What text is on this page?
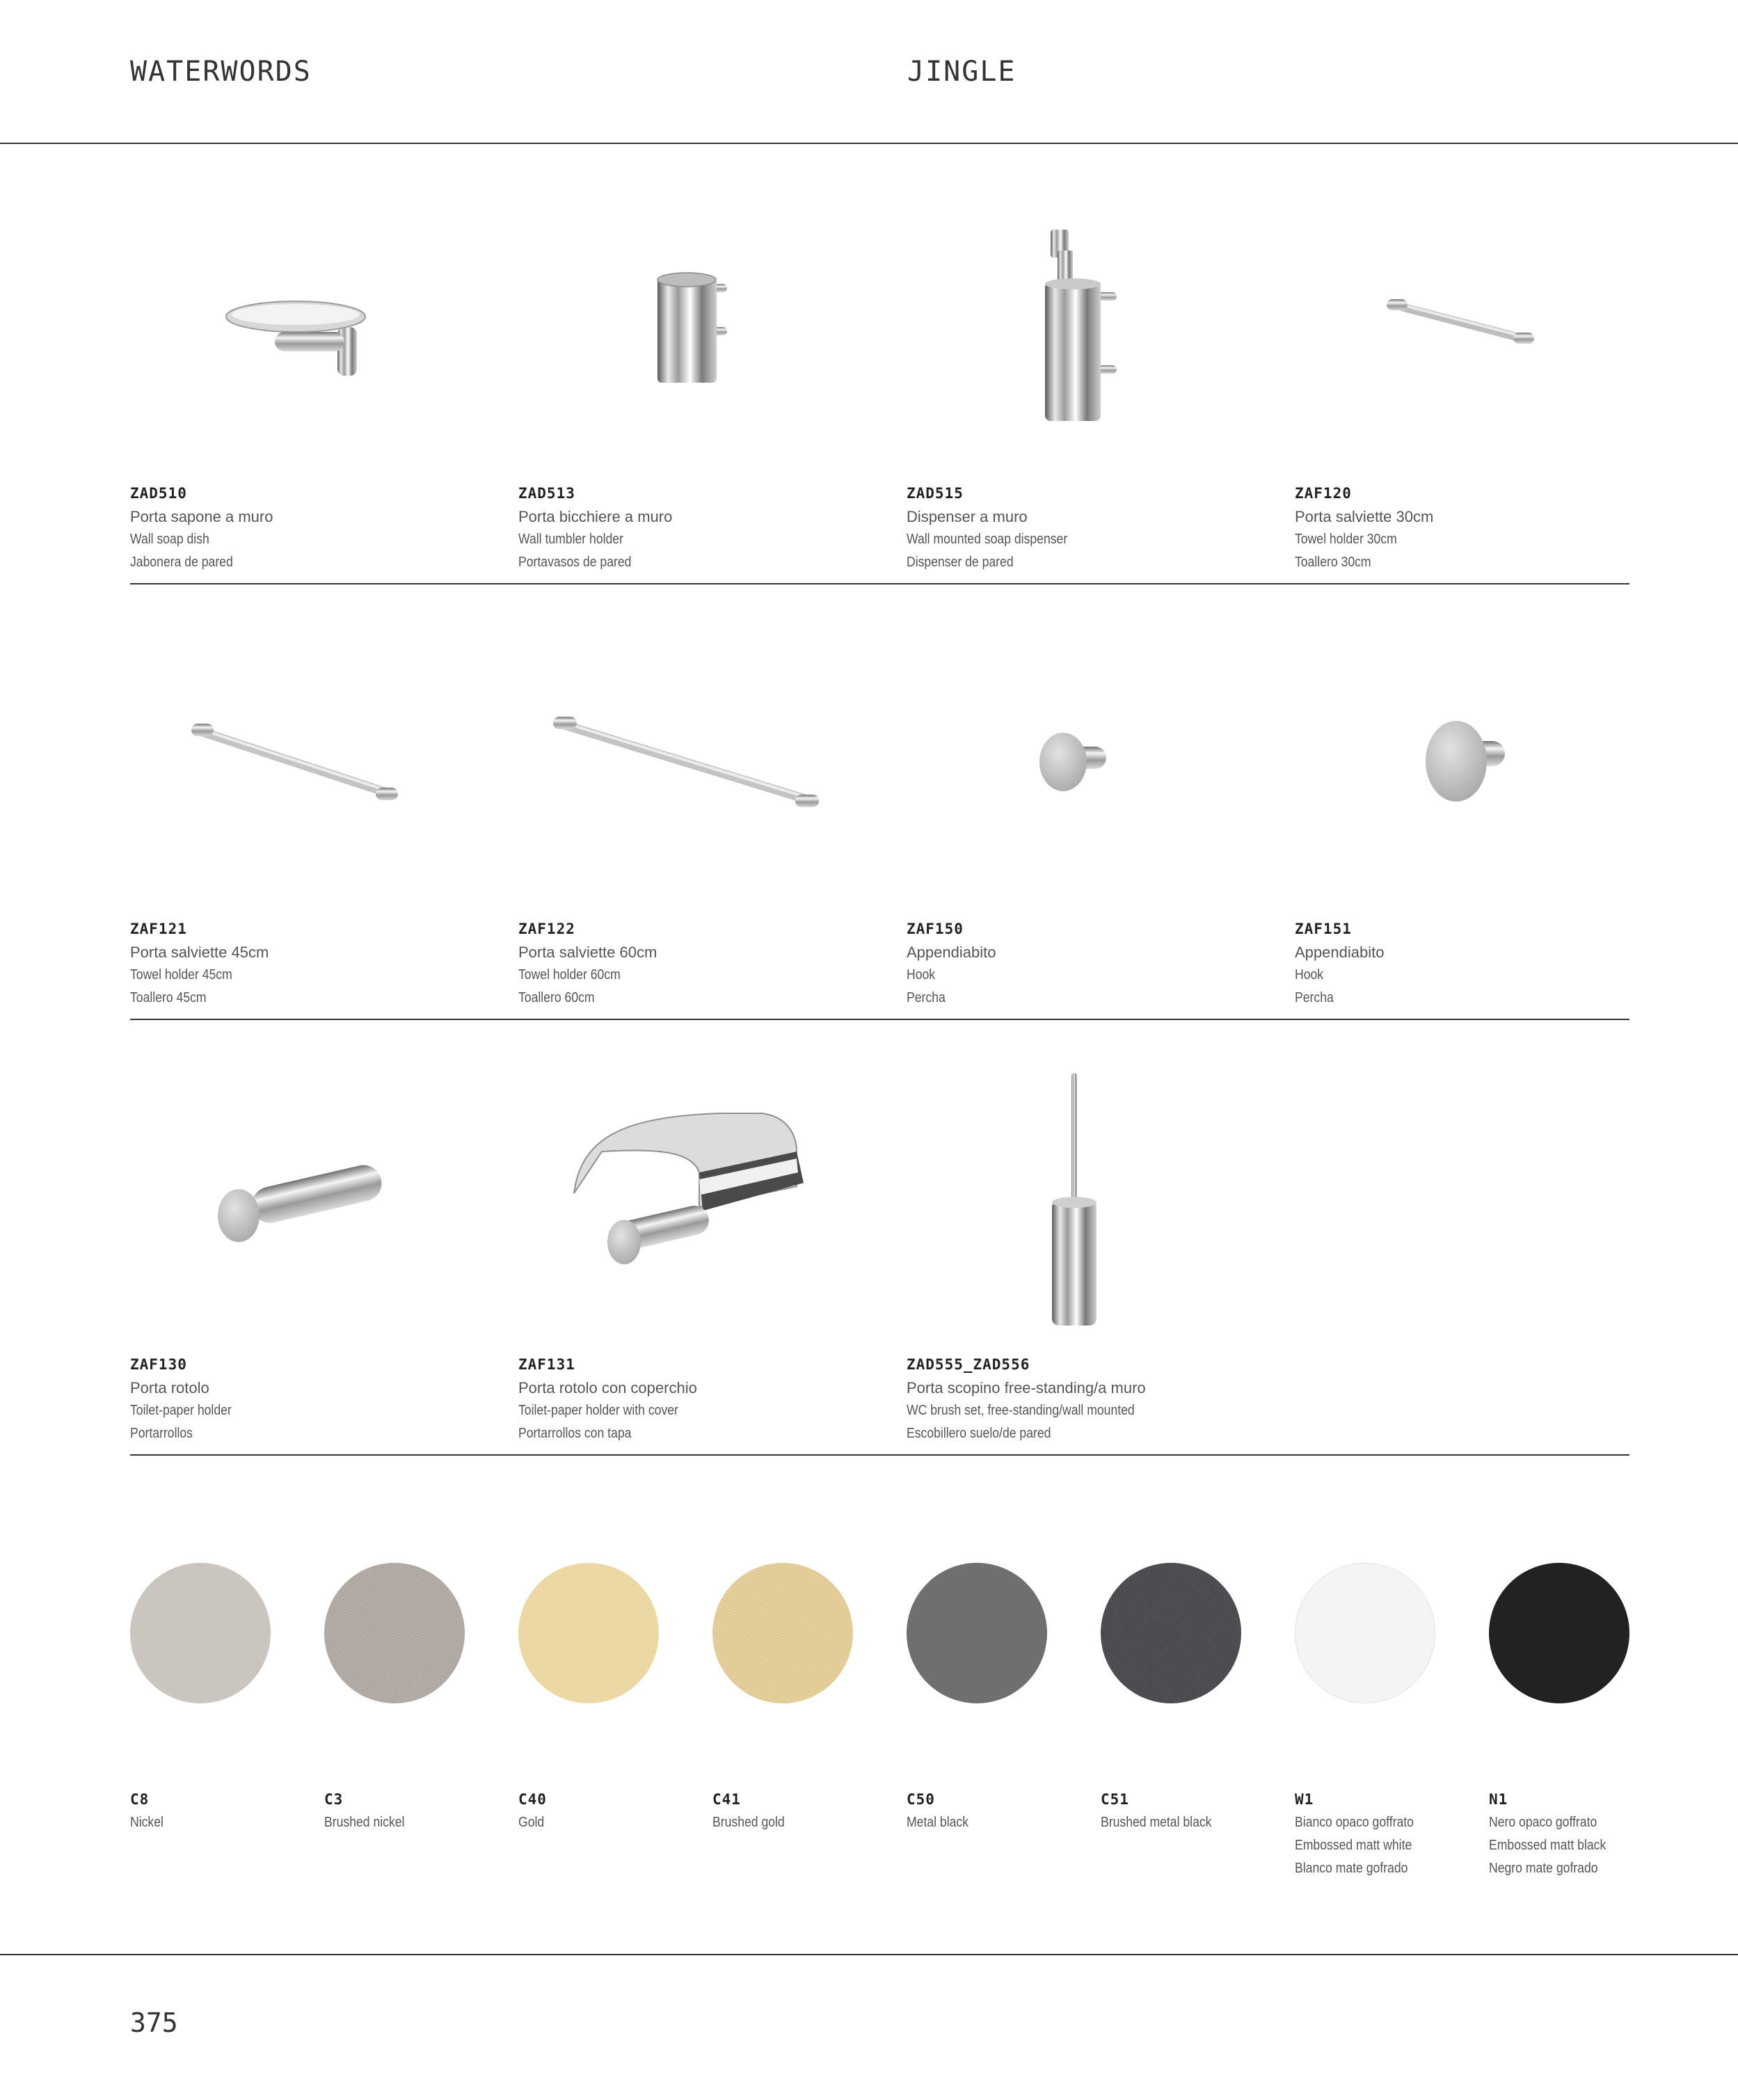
WATERWORDS	JINGLE
ZAD510
Porta sapone a muro
Wall soap dish
Jabonera de pared
ZAD513
Porta bicchiere a muro
Wall tumbler holder
Portavasos de pared
ZAD515
Dispenser a muro
Wall mounted soap dispenser
Dispenser de pared
ZAF120
Porta salviette 30cm
Towel holder 30cm
Toallero 30cm
ZAF121
Porta salviette 45cm
Towel holder 45cm
Toallero 45cm
ZAF122
Porta salviette 60cm
Towel holder 60cm
Toallero 60cm
ZAF150
Appendiabito
Hook
Percha
ZAF151
Appendiabito
Hook
Percha
ZAF130
Porta rotolo
Toilet-paper holder
Portarrollos
ZAF131
Porta rotolo con coperchio
Toilet-paper holder with cover
Portarrollos con tapa
ZAD555_ZAD556
Porta scopino free-standing/a muro
WC brush set, free-standing/wall mounted
Escobillero suelo/de pared
C8
Nickel
C3
Brushed nickel
C40
Gold
C41
Brushed gold
C50
Metal black
C51
Brushed metal black
W1
Bianco opaco goffrato
Embossed matt white
Blanco mate gofrado
N1
Nero opaco goffrato
Embossed matt black
Negro mate gofrado
375
